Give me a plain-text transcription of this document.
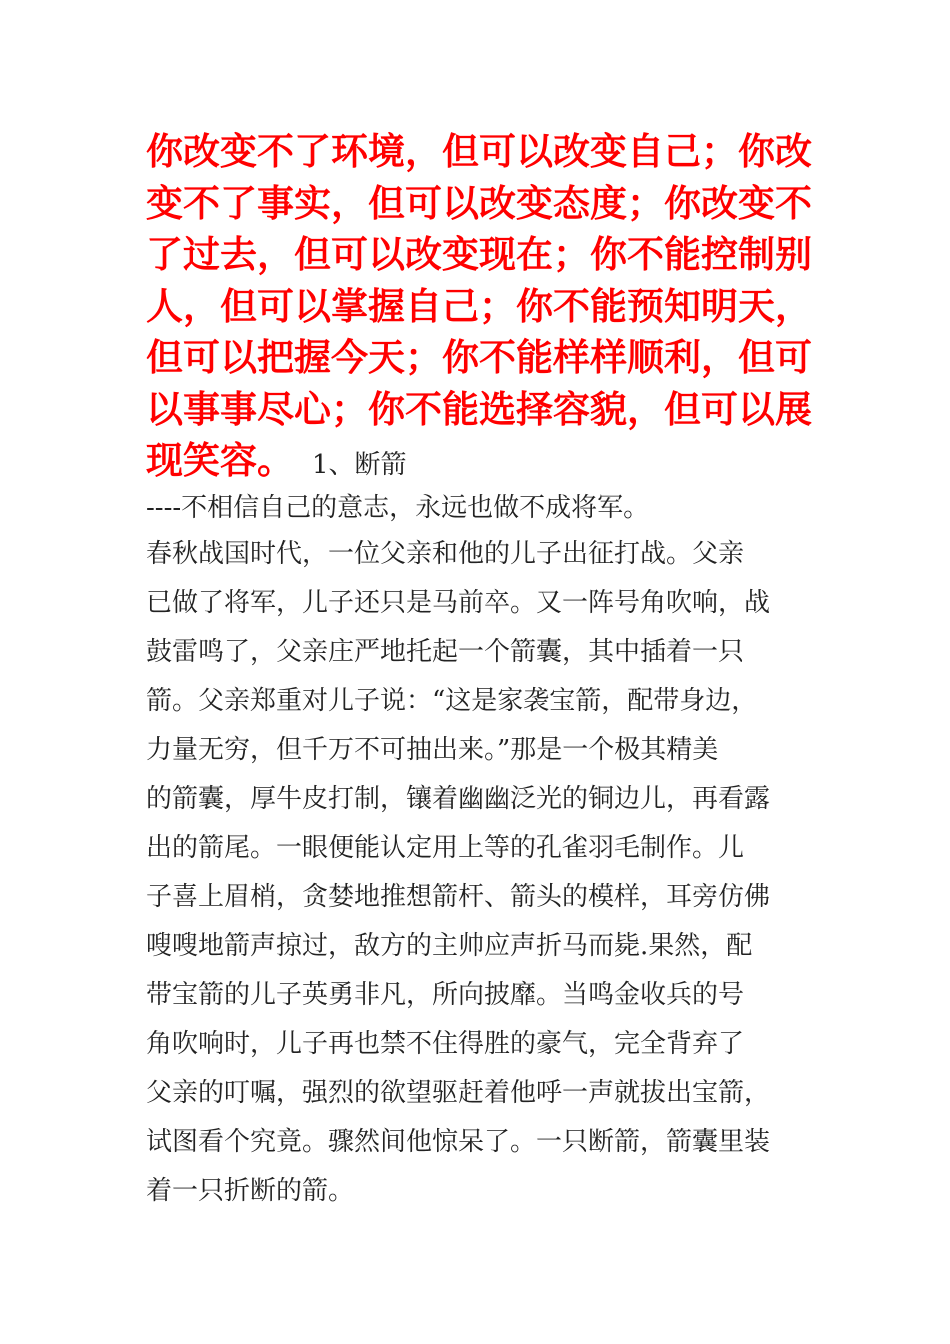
你改变不了环境，但可以改变自己；你改
变不了事实，但可以改变态度；你改变不
了过去，但可以改变现在；你不能控制别
人，但可以掌握自己；你不能预知明天，
但可以把握今天；你不能样样顺利，但可
以事事尽心；你不能选择容貌，但可以展
现笑容。 1、断箭
----不相信自己的意志，永远也做不成将军。
春秋战国时代，一位父亲和他的儿子出征打战。父亲
已做了将军，儿子还只是马前卒。又一阵号角吹响，战
鼓雷鸣了，父亲庄严地托起一个箭囊，其中插着一只
箭。父亲郑重对儿子说：“这是家袭宝箭，配带身边，
力量无穷，但千万不可抽出来。”那是一个极其精美
的箭囊，厚牛皮打制，镶着幽幽泛光的铜边儿，再看露
出的箭尾。一眼便能认定用上等的孔雀羽毛制作。儿
子喜上眉梢，贪婪地推想箭杆、箭头的模样，耳旁仿佛
嗖嗖地箭声掠过，敌方的主帅应声折马而毙.果然，配
带宝箭的儿子英勇非凡，所向披靡。当鸣金收兵的号
角吹响时，儿子再也禁不住得胜的豪气，完全背弃了
父亲的叮嘱，强烈的欲望驱赶着他呼一声就拔出宝箭，
试图看个究竟。骤然间他惊呆了。一只断箭，箭囊里装
着一只折断的箭。
